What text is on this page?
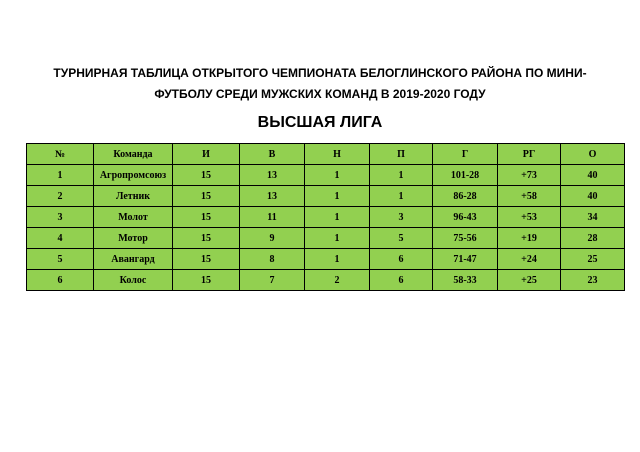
ТУРНИРНАЯ ТАБЛИЦА ОТКРЫТОГО ЧЕМПИОНАТА БЕЛОГЛИНСКОГО РАЙОНА ПО МИНИ-

ФУТБОЛУ СРЕДИ МУЖСКИХ КОМАНД В 2019-2020 ГОДУ

ВЫСШАЯ ЛИГА

№	Команда	И	В	Н	П	Г	РГ	О
1	Агропромсоюз	15	13	1	1	101-28	+73	40
2	Летник	15	13	1	1	86-28	+58	40
3	Молот	15	11	1	3	96-43	+53	34
4	Мотор	15	9	1	5	75-56	+19	28
5	Авангард	15	8	1	6	71-47	+24	25
6	Колос	15	7	2	6	58-33	+25	23
